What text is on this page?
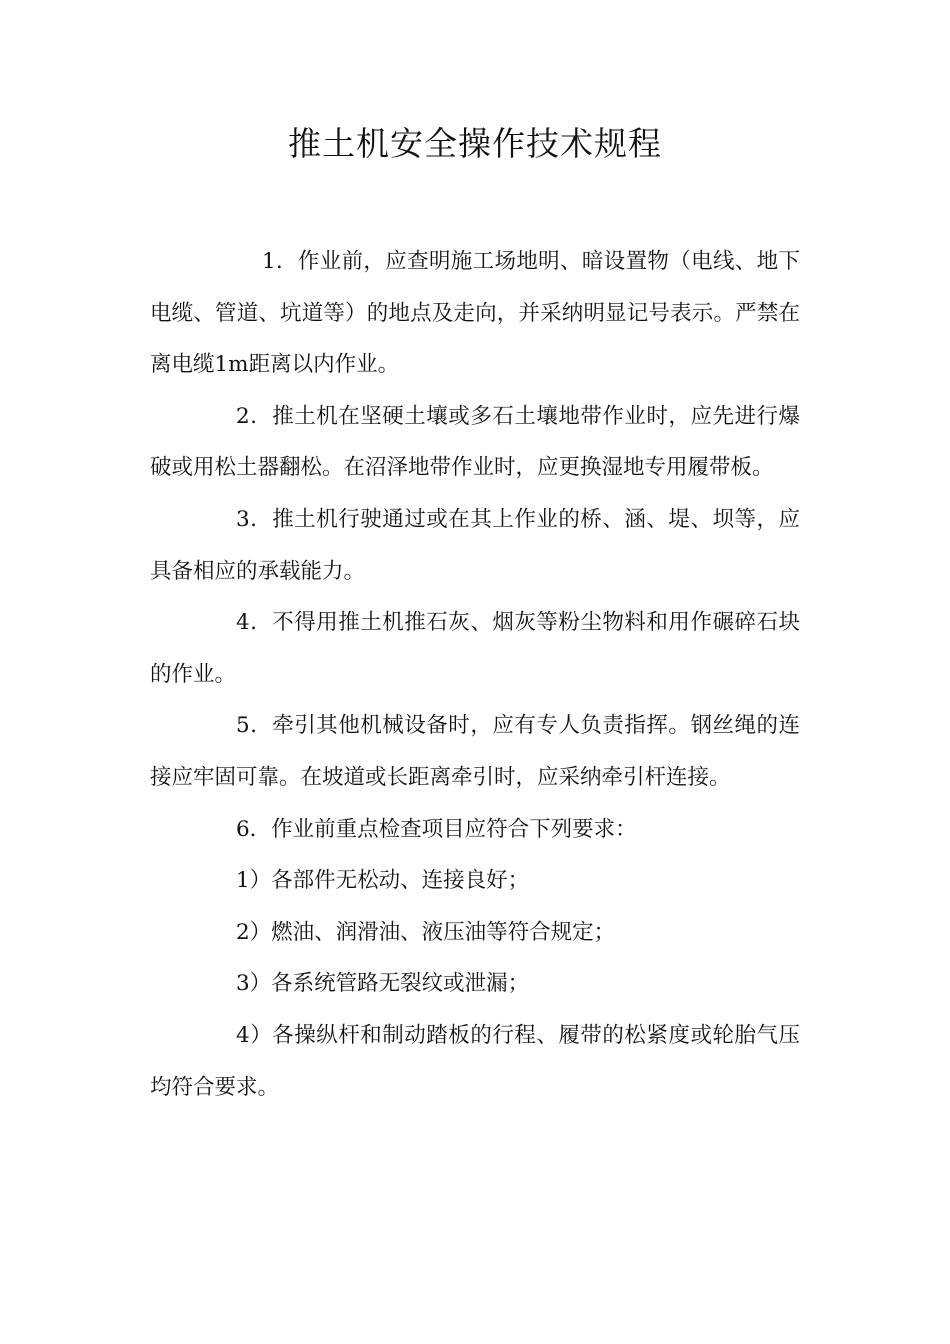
推土机安全操作技术规程

1．作业前，应查明施工场地明、暗设置物（电线、地下电缆、管道、坑道等）的地点及走向，并采纳明显记号表示。严禁在离电缆1m距离以内作业。

2．推土机在坚硬土壤或多石土壤地带作业时，应先进行爆破或用松土器翻松。在沼泽地带作业时，应更换湿地专用履带板。

3．推土机行驶通过或在其上作业的桥、涵、堤、坝等，应具备相应的承载能力。

4．不得用推土机推石灰、烟灰等粉尘物料和用作碾碎石块的作业。

5．牵引其他机械设备时，应有专人负责指挥。钢丝绳的连接应牢固可靠。在坡道或长距离牵引时，应采纳牵引杆连接。

6．作业前重点检查项目应符合下列要求：

1）各部件无松动、连接良好；

2）燃油、润滑油、液压油等符合规定；

3）各系统管路无裂纹或泄漏；

4）各操纵杆和制动踏板的行程、履带的松紧度或轮胎气压均符合要求。
